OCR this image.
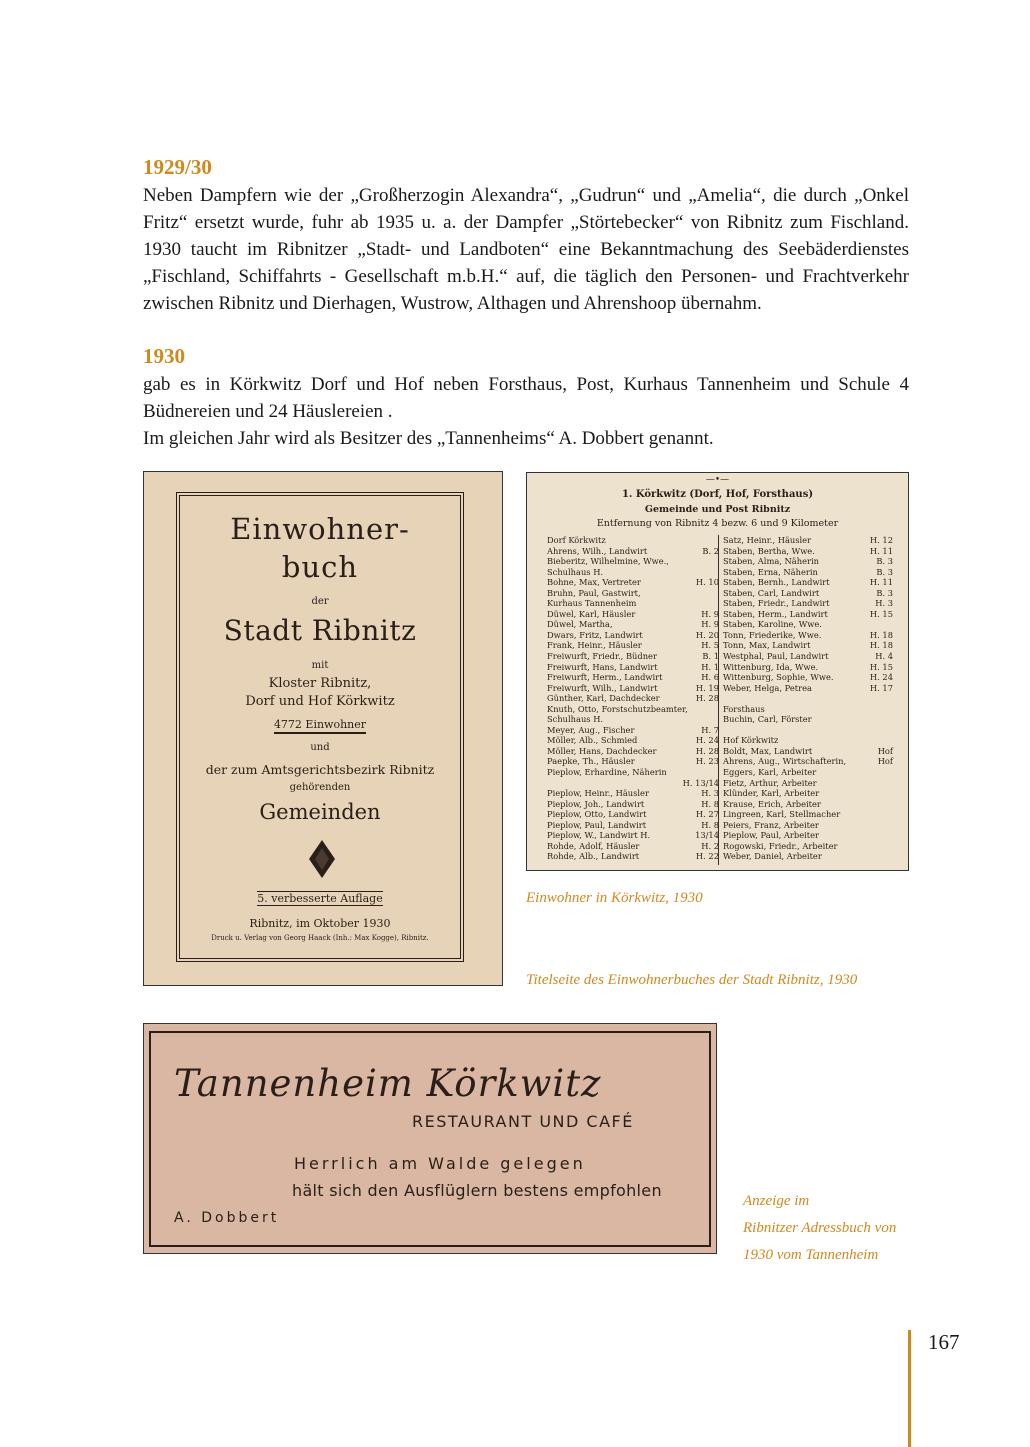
1929/30

Neben Dampfern wie der „Großherzogin Alexandra“, „Gudrun“ und „Amelia“, die durch „Onkel Fritz“ ersetzt wurde, fuhr ab 1935 u. a. der Dampfer „Störtebecker“ von Ribnitz zum Fischland. 1930 taucht im Ribnitzer „Stadt- und Landboten“ eine Bekanntmachung des Seebäderdienstes „Fischland, Schiffahrts - Gesellschaft m.b.H.“ auf, die täglich den Personen- und Frachtverkehr zwischen Ribnitz und Dierhagen, Wustrow, Althagen und Ahrenshoop übernahm.

1930

gab es in Körkwitz Dorf und Hof neben Forsthaus, Post, Kurhaus Tannenheim und Schule 4 Büdnereien und 24 Häuslereien .

Im gleichen Jahr wird als Besitzer des „Tannenheims“ A. Dobbert genannt.

Einwohner-
buch
der
Stadt Ribnitz
mit
Kloster Ribnitz,
Dorf und Hof Körkwitz
4772 Einwohner
und
der zum Amtsgerichtsbezirk Ribnitz
gehörenden
Gemeinden
5. verbesserte Auflage
Ribnitz, im Oktober 1930
Druck u. Verlag von Georg Haack (Inh.: Max Kogge), Ribnitz.
—•—
1. Körkwitz (Dorf, Hof, Forsthaus)
Gemeinde und Post Ribnitz
Entfernung von Ribnitz 4 bezw. 6 und 9 Kilometer
Dorf Körkwitz
Ahrens, Wilh., Landwirt	B. 2
Bieberitz, Wilhelmine, Wwe.,
Schulhaus H.
Bohne, Max, Vertreter	H. 10
Bruhn, Paul, Gastwirt,
Kurhaus Tannenheim
Düwel, Karl, Häusler	H. 9
Düwel, Martha,	H. 9
Dwars, Fritz, Landwirt	H. 20
Frank, Heinr., Häusler	H. 5
Freiwurft, Friedr., Büdner	B. 1
Freiwurft, Hans, Landwirt	H. 1
Freiwurft, Herm., Landwirt	H. 6
Freiwurft, Wilh., Landwirt	H. 19
Günther, Karl, Dachdecker	H. 28
Knuth, Otto, Forstschutzbeamter,
Schulhaus H.
Meyer, Aug., Fischer	H. 7
Möller, Alb., Schmied	H. 24
Möller, Hans, Dachdecker	H. 28
Paepke, Th., Häusler	H. 23
Pieplow, Erhardine, Näherin
H. 13/14
Pieplow, Heinr., Häusler	H. 3
Pieplow, Joh., Landwirt	H. 8
Pieplow, Otto, Landwirt	H. 27
Pieplow, Paul, Landwirt	H. 8
Pieplow, W., Landwirt H.	13/14
Rohde, Adolf, Häusler	H. 2
Rohde, Alb., Landwirt	H. 22
Satz, Heinr., Häusler	H. 12
Staben, Bertha, Wwe.	H. 11
Staben, Alma, Näherin	B. 3
Staben, Erna, Näherin	B. 3
Staben, Bernh., Landwirt	H. 11
Staben, Carl, Landwirt	B. 3
Staben, Friedr., Landwirt	H. 3
Staben, Herm., Landwirt	H. 15
Staben, Karoline, Wwe.
Tonn, Friederike, Wwe.	H. 18
Tonn, Max, Landwirt	H. 18
Westphal, Paul, Landwirt	H. 4
Wittenburg, Ida, Wwe.	H. 15
Wittenburg, Sophie, Wwe.	H. 24
Weber, Helga, Petrea	H. 17
Forsthaus
Buchin, Carl, Förster
Hof Körkwitz
Boldt, Max, Landwirt	Hof
Ahrens, Aug., Wirtschafterin,	Hof
Eggers, Karl, Arbeiter
Fietz, Arthur, Arbeiter
Klünder, Karl, Arbeiter
Krause, Erich, Arbeiter
Lingreen, Karl, Stellmacher
Peiers, Franz, Arbeiter
Pieplow, Paul, Arbeiter
Rogowski, Friedr., Arbeiter
Weber, Daniel, Arbeiter
Einwohner in Körkwitz, 1930
Titelseite des Einwohnerbuches der Stadt Ribnitz, 1930
Tannenheim Körkwitz
RESTAURANT UND CAFÉ
Herrlich am Walde gelegen
hält sich den Ausflüglern bestens empfohlen
A. Dobbert
Anzeige im
Ribnitzer Adressbuch von
1930 vom Tannenheim
167
